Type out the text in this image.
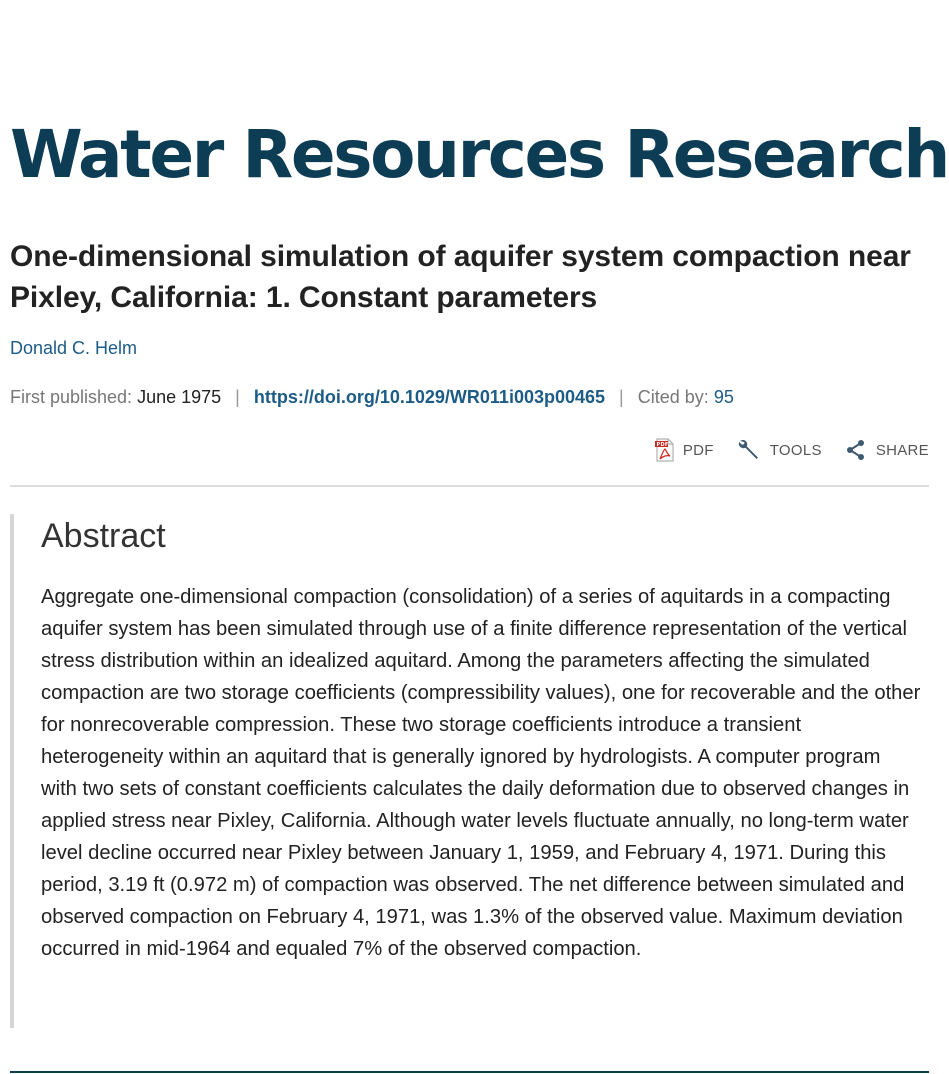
Water Resources Research
One-dimensional simulation of aquifer system compaction near Pixley, California: 1. Constant parameters
Donald C. Helm
First published: June 1975 | https://doi.org/10.1029/WR011i003p00465 | Cited by: 95
PDF PDF	TOOLS	SHARE
Abstract

Aggregate one-dimensional compaction (consolidation) of a series of aquitards in a compacting aquifer system has been simulated through use of a finite difference representation of the vertical stress distribution within an idealized aquitard. Among the parameters affecting the simulated compaction are two storage coefficients (compressibility values), one for recoverable and the other for nonrecoverable compression. These two storage coefficients introduce a transient heterogeneity within an aquitard that is generally ignored by hydrologists. A computer program with two sets of constant coefficients calculates the daily deformation due to observed changes in applied stress near Pixley, California. Although water levels fluctuate annually, no long-term water level decline occurred near Pixley between January 1, 1959, and February 4, 1971. During this period, 3.19 ft (0.972 m) of compaction was observed. The net difference between simulated and observed compaction on February 4, 1971, was 1.3% of the observed value. Maximum deviation occurred in mid-1964 and equaled 7% of the observed compaction.
